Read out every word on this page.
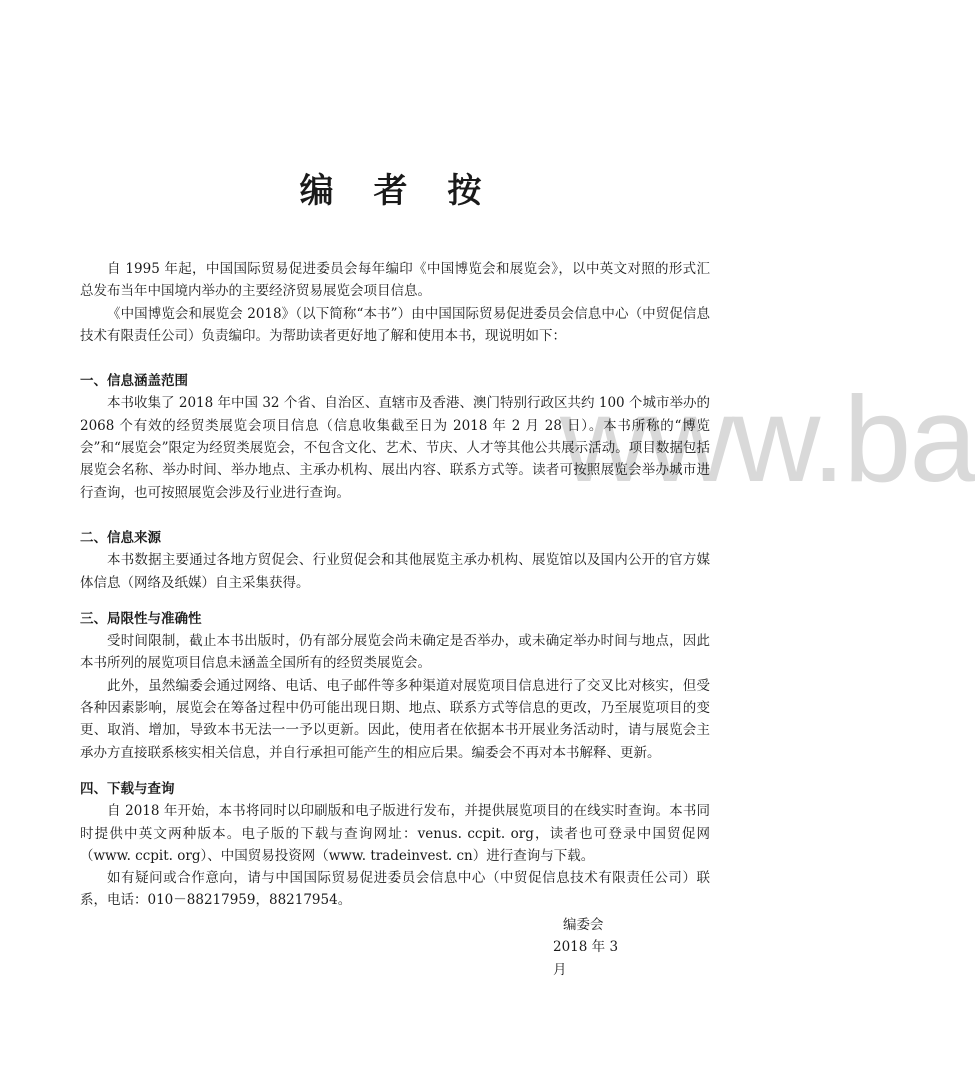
www.ba
编 者 按

自 1995 年起，中国国际贸易促进委员会每年编印《中国博览会和展览会》，以中英文对照的形式汇总发布当年中国境内举办的主要经济贸易展览会项目信息。

《中国博览会和展览会 2018》（以下简称“本书”）由中国国际贸易促进委员会信息中心（中贸促信息技术有限责任公司）负责编印。为帮助读者更好地了解和使用本书，现说明如下：

一、信息涵盖范围

本书收集了 2018 年中国 32 个省、自治区、直辖市及香港、澳门特别行政区共约 100 个城市举办的 2068 个有效的经贸类展览会项目信息（信息收集截至日为 2018 年 2 月 28 日）。本书所称的“博览会”和“展览会”限定为经贸类展览会，不包含文化、艺术、节庆、人才等其他公共展示活动。项目数据包括展览会名称、举办时间、举办地点、主承办机构、展出内容、联系方式等。读者可按照展览会举办城市进行查询，也可按照展览会涉及行业进行查询。

二、信息来源

本书数据主要通过各地方贸促会、行业贸促会和其他展览主承办机构、展览馆以及国内公开的官方媒体信息（网络及纸媒）自主采集获得。

三、局限性与准确性

受时间限制，截止本书出版时，仍有部分展览会尚未确定是否举办，或未确定举办时间与地点，因此本书所列的展览项目信息未涵盖全国所有的经贸类展览会。

此外，虽然编委会通过网络、电话、电子邮件等多种渠道对展览项目信息进行了交叉比对核实，但受各种因素影响，展览会在筹备过程中仍可能出现日期、地点、联系方式等信息的更改，乃至展览项目的变更、取消、增加，导致本书无法一一予以更新。因此，使用者在依据本书开展业务活动时，请与展览会主承办方直接联系核实相关信息，并自行承担可能产生的相应后果。编委会不再对本书解释、更新。

四、下载与查询

自 2018 年开始，本书将同时以印刷版和电子版进行发布，并提供展览项目的在线实时查询。本书同时提供中英文两种版本。电子版的下载与查询网址：venus. ccpit. org，读者也可登录中国贸促网（www. ccpit. org）、中国贸易投资网（www. tradeinvest. cn）进行查询与下载。

如有疑问或合作意向，请与中国国际贸易促进委员会信息中心（中贸促信息技术有限责任公司）联系，电话：010－88217959，88217954。

编委会
2018 年 3 月
